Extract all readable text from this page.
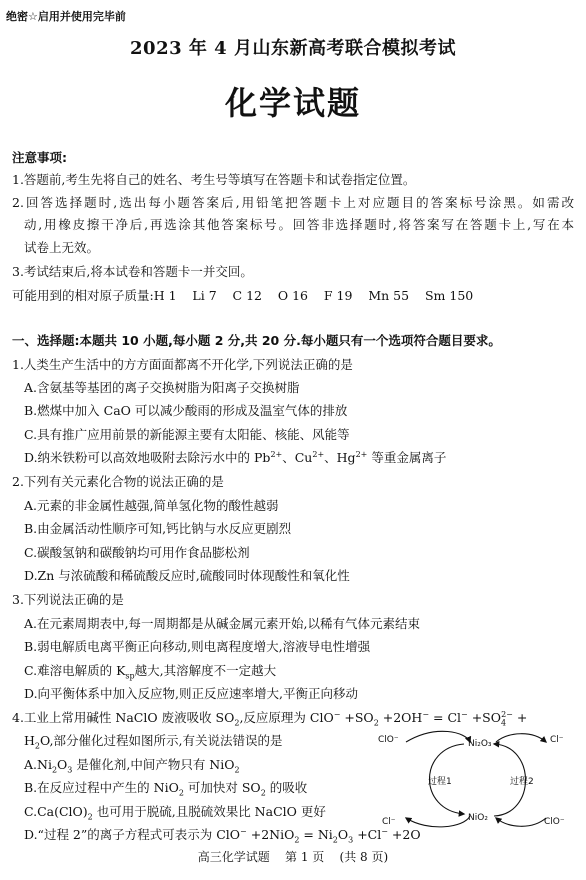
绝密☆启用并使用完毕前
2023 年 4 月山东新高考联合模拟考试
化学试题
注意事项:
1.答题前,考生先将自己的姓名、考生号等填写在答题卡和试卷指定位置。
2.回答选择题时,选出每小题答案后,用铅笔把答题卡上对应题目的答案标号涂黑。如需改
动,用橡皮擦干净后,再选涂其他答案标号。回答非选择题时,将答案写在答题卡上,写在本
试卷上无效。
3.考试结束后,将本试卷和答题卡一并交回。
可能用到的相对原子质量:H 1    Li 7    C 12    O 16    F 19    Mn 55    Sm 150
一、选择题:本题共 10 小题,每小题 2 分,共 20 分.每小题只有一个选项符合题目要求。
1.人类生产生活中的方方面面都离不开化学,下列说法正确的是
A.含氨基等基团的离子交换树脂为阳离子交换树脂
B.燃煤中加入 CaO 可以减少酸雨的形成及温室气体的排放
C.具有推广应用前景的新能源主要有太阳能、核能、风能等
D.纳米铁粉可以高效地吸附去除污水中的 $Pb^{2+}$、$Cu^{2+}$、$Hg^{2+}$ 等重金属离子
2.下列有关元素化合物的说法正确的是
A.元素的非金属性越强,简单氢化物的酸性越弱
B.由金属活动性顺序可知,钙比钠与水反应更剧烈
C.碳酸氢钠和碳酸钠均可用作食品膨松剂
D.Zn 与浓硫酸和稀硫酸反应时,硫酸同时体现酸性和氧化性
3.下列说法正确的是
A.在元素周期表中,每一周期都是从碱金属元素开始,以稀有气体元素结束
B.弱电解质电离平衡正向移动,则电离程度增大,溶液导电性增强
C.难溶电解质的 $K_{sp}$越大,其溶解度不一定越大
D.向平衡体系中加入反应物,则正反应速率增大,平衡正向移动
4.工业上常用碱性 NaClO 废液吸收 $SO_2$,反应原理为 $ClO^- +SO_2 +2OH^- = Cl^- +SO_4^{2-}$ +
$H_2O$,部分催化过程如图所示,有关说法错误的是
$A.Ni_2O_3$ 是催化剂,中间产物只有 NiO$_2$
B.在反应过程中产生的 NiO$_2$ 可加快对 $SO_2$ 的吸收
$C.Ca(ClO)_2$ 也可用于脱硫,且脱硫效果比 NaClO 更好
D.“过程 2”的离子方程式可表示为 $ClO^- +2NiO_2 = Ni_2O_3 +Cl^- +2O$
ClO⁻
Cl⁻
Ni₂O₃
NiO₂
过程1	过程2
Cl⁻
ClO⁻
高三化学试题    第 1 页    (共 8 页)
